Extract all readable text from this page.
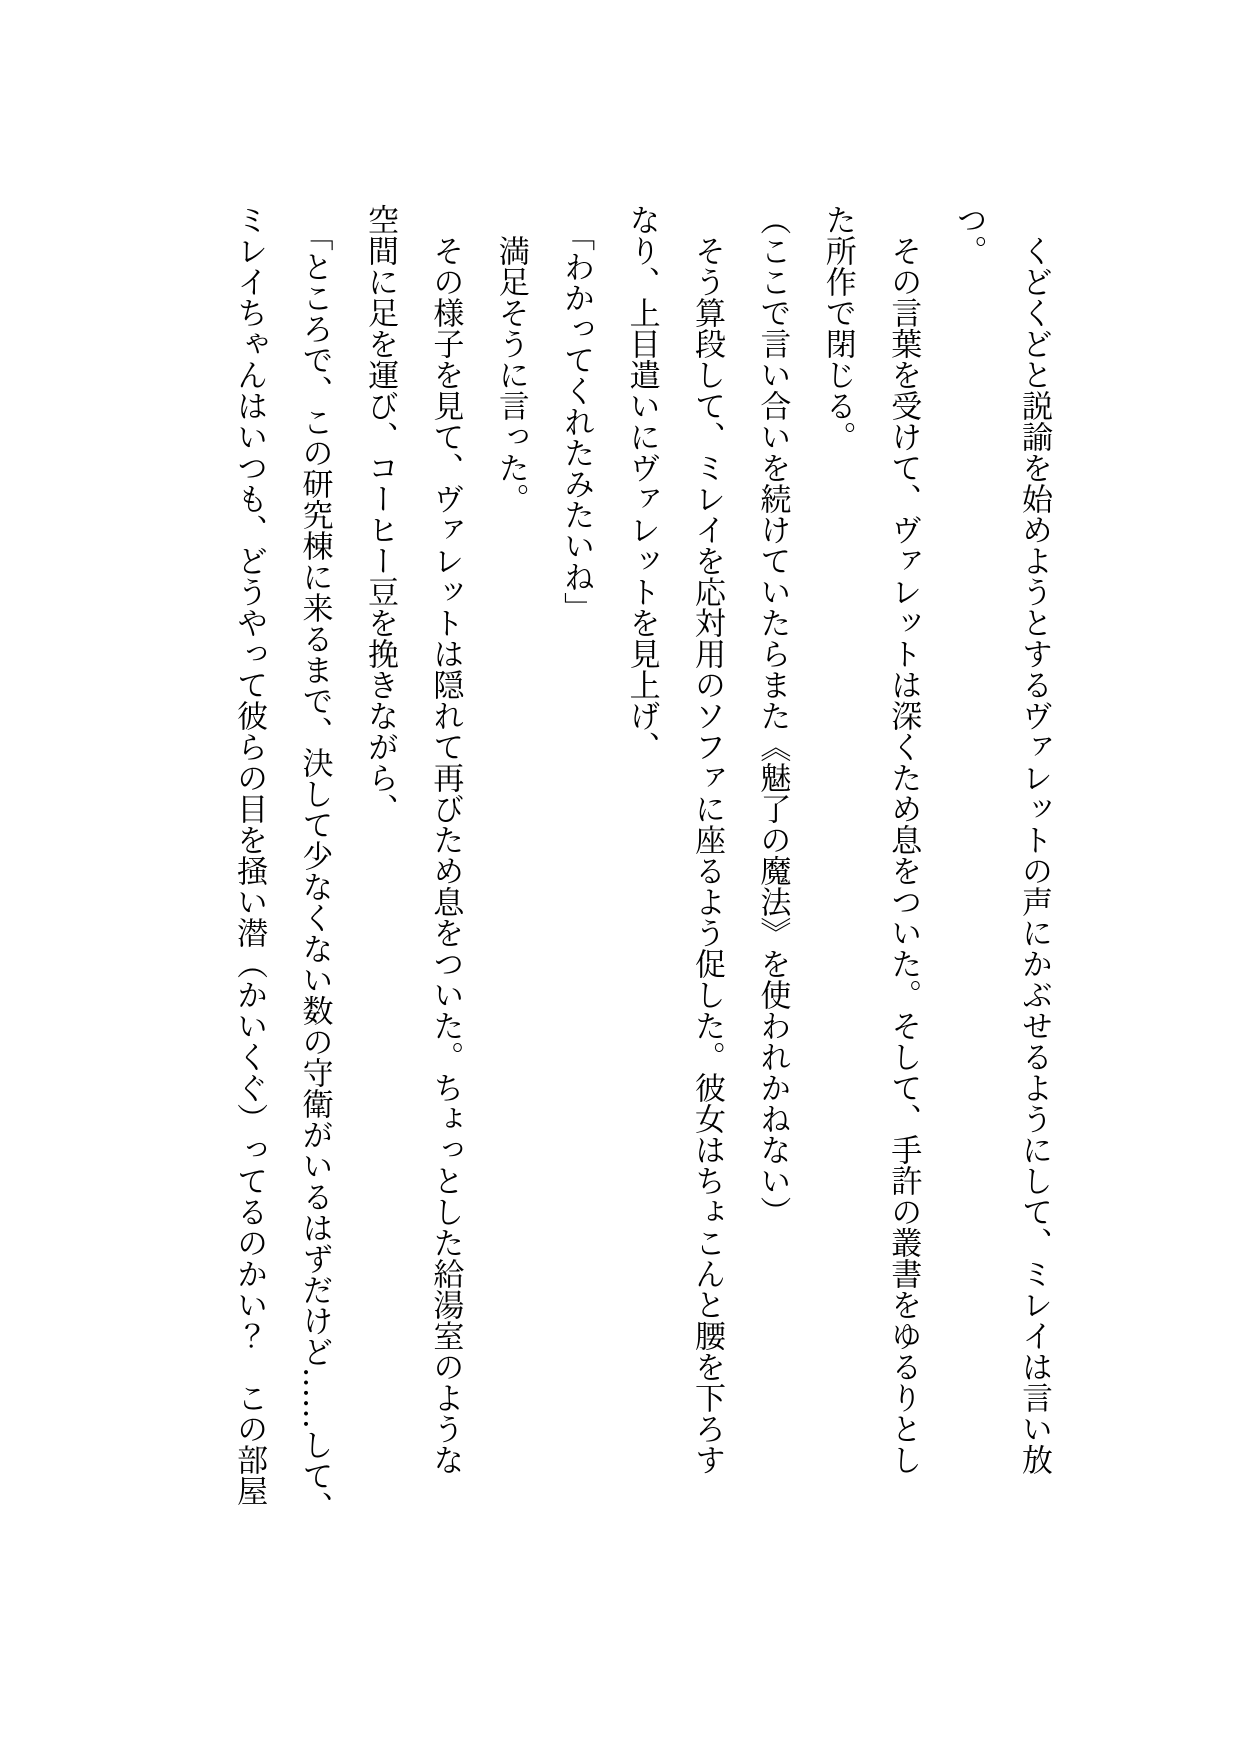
くどくどと説諭を始めようとするヴァレットの声にかぶせるようにして、ミレイは言い放
つ。
その言葉を受けて、ヴァレットは深くため息をついた。そして、手許の叢書をゆるりとし
た所作で閉じる。
（ここで言い合いを続けていたらまた《魅了の魔法》を使われかねない）
そう算段して、ミレイを応対用のソファに座るよう促した。彼女はちょこんと腰を下ろす
なり、上目遣いにヴァレットを見上げ、
「わかってくれたみたいね」
満足そうに言った。
その様子を見て、ヴァレットは隠れて再びため息をついた。ちょっとした給湯室のような
空間に足を運び、コーヒー豆を挽きながら、
「ところで、この研究棟に来るまで、決して少なくない数の守衛がいるはずだけど……して、
ミレイちゃんはいつも、どうやって彼らの目を掻い潜（かいくぐ）ってるのかい？　この部屋
